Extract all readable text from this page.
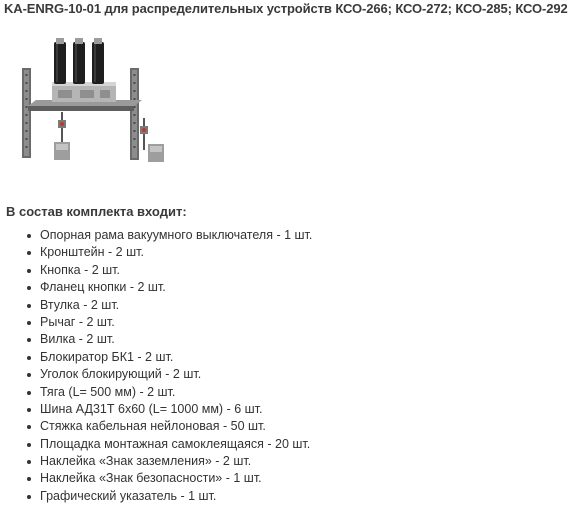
KA-ENRG-10-01 для распределительных устройств КСО-266; КСО-272; КСО-285; КСО-292
В состав комплекта входит:
Опорная рама вакуумного выключателя - 1 шт.
Кронштейн - 2 шт.
Кнопка - 2 шт.
Фланец кнопки - 2 шт.
Втулка - 2 шт.
Рычаг - 2 шт.
Вилка - 2 шт.
Блокиратор БК1 - 2 шт.
Уголок блокирующий - 2 шт.
Тяга (L= 500 мм) - 2 шт.
Шина АД31Т 6х60 (L= 1000 мм) - 6 шт.
Стяжка кабельная нейлоновая - 50 шт.
Площадка монтажная самоклеящаяся - 20 шт.
Наклейка «Знак заземления» - 2 шт.
Наклейка «Знак безопасности» - 1 шт.
Графический указатель - 1 шт.
